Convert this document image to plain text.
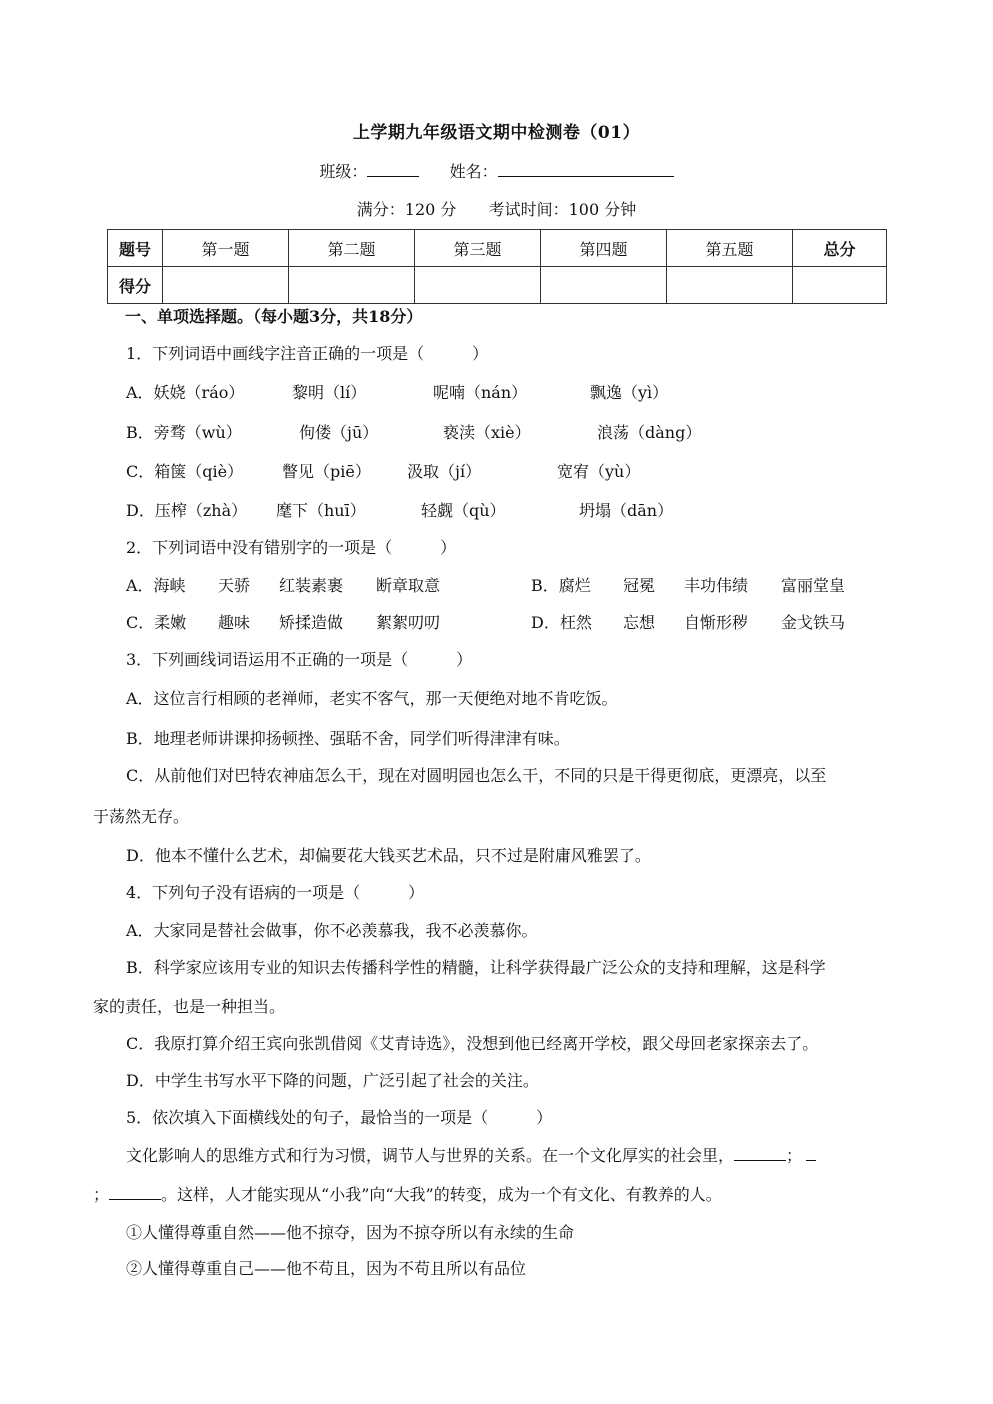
上学期九年级语文期中检测卷（01）
班级：	姓名：
满分：120 分 考试时间：100 分钟
题号	第一题	第二题	第三题	第四题	第五题	总分
得分						
一、单项选择题。（每小题3分，共18分）
1．下列词语中画线字注音正确的一项是（　　　）
A．妖娆（ráo）	黎明（lí）	呢喃（nán）	飘逸（yì）
B．旁骛（wù）	佝偻（jū）	亵渎（xiè）	浪荡（dàng）
C．箱箧（qiè） 瞥见（piē） 汲取（jí）	宽宥（yù）
D．压榨（zhà） 麾下（huī）	轻觑（qù）	坍塌（dān）
2．下列词语中没有错别字的一项是（　　　）
A．海峡 天骄 红装素裹 断章取意	B．腐烂 冠冕 丰功伟绩 富丽堂皇
C．柔嫩 趣味 矫揉造做 絮絮叨叨	D．枉然 忘想 自惭形秽 金戈铁马
3．下列画线词语运用不正确的一项是（　　　）
A．这位言行相顾的老禅师，老实不客气，那一天便绝对地不肯吃饭。
B．地理老师讲课抑扬顿挫、强聒不舍，同学们听得津津有味。
C．从前他们对巴特农神庙怎么干，现在对圆明园也怎么干，不同的只是干得更彻底，更漂亮，以至
于荡然无存。
D．他本不懂什么艺术，却偏要花大钱买艺术品，只不过是附庸风雅罢了。
4．下列句子没有语病的一项是（　　　）
A．大家同是替社会做事，你不必羡慕我，我不必羡慕你。
B．科学家应该用专业的知识去传播科学性的精髓，让科学获得最广泛公众的支持和理解，这是科学
家的责任，也是一种担当。
C．我原打算介绍王宾向张凯借阅《艾青诗选》，没想到他已经离开学校，跟父母回老家探亲去了。
D．中学生书写水平下降的问题，广泛引起了社会的关注。
5．依次填入下面横线处的句子，最恰当的一项是（　　　）
文化影响人的思维方式和行为习惯，调节人与世界的关系。在一个文化厚实的社会里，	；
；	。这样，人才能实现从“小我”向“大我”的转变，成为一个有文化、有教养的人。
①人懂得尊重自然——他不掠夺，因为不掠夺所以有永续的生命
②人懂得尊重自己——他不苟且，因为不苟且所以有品位
